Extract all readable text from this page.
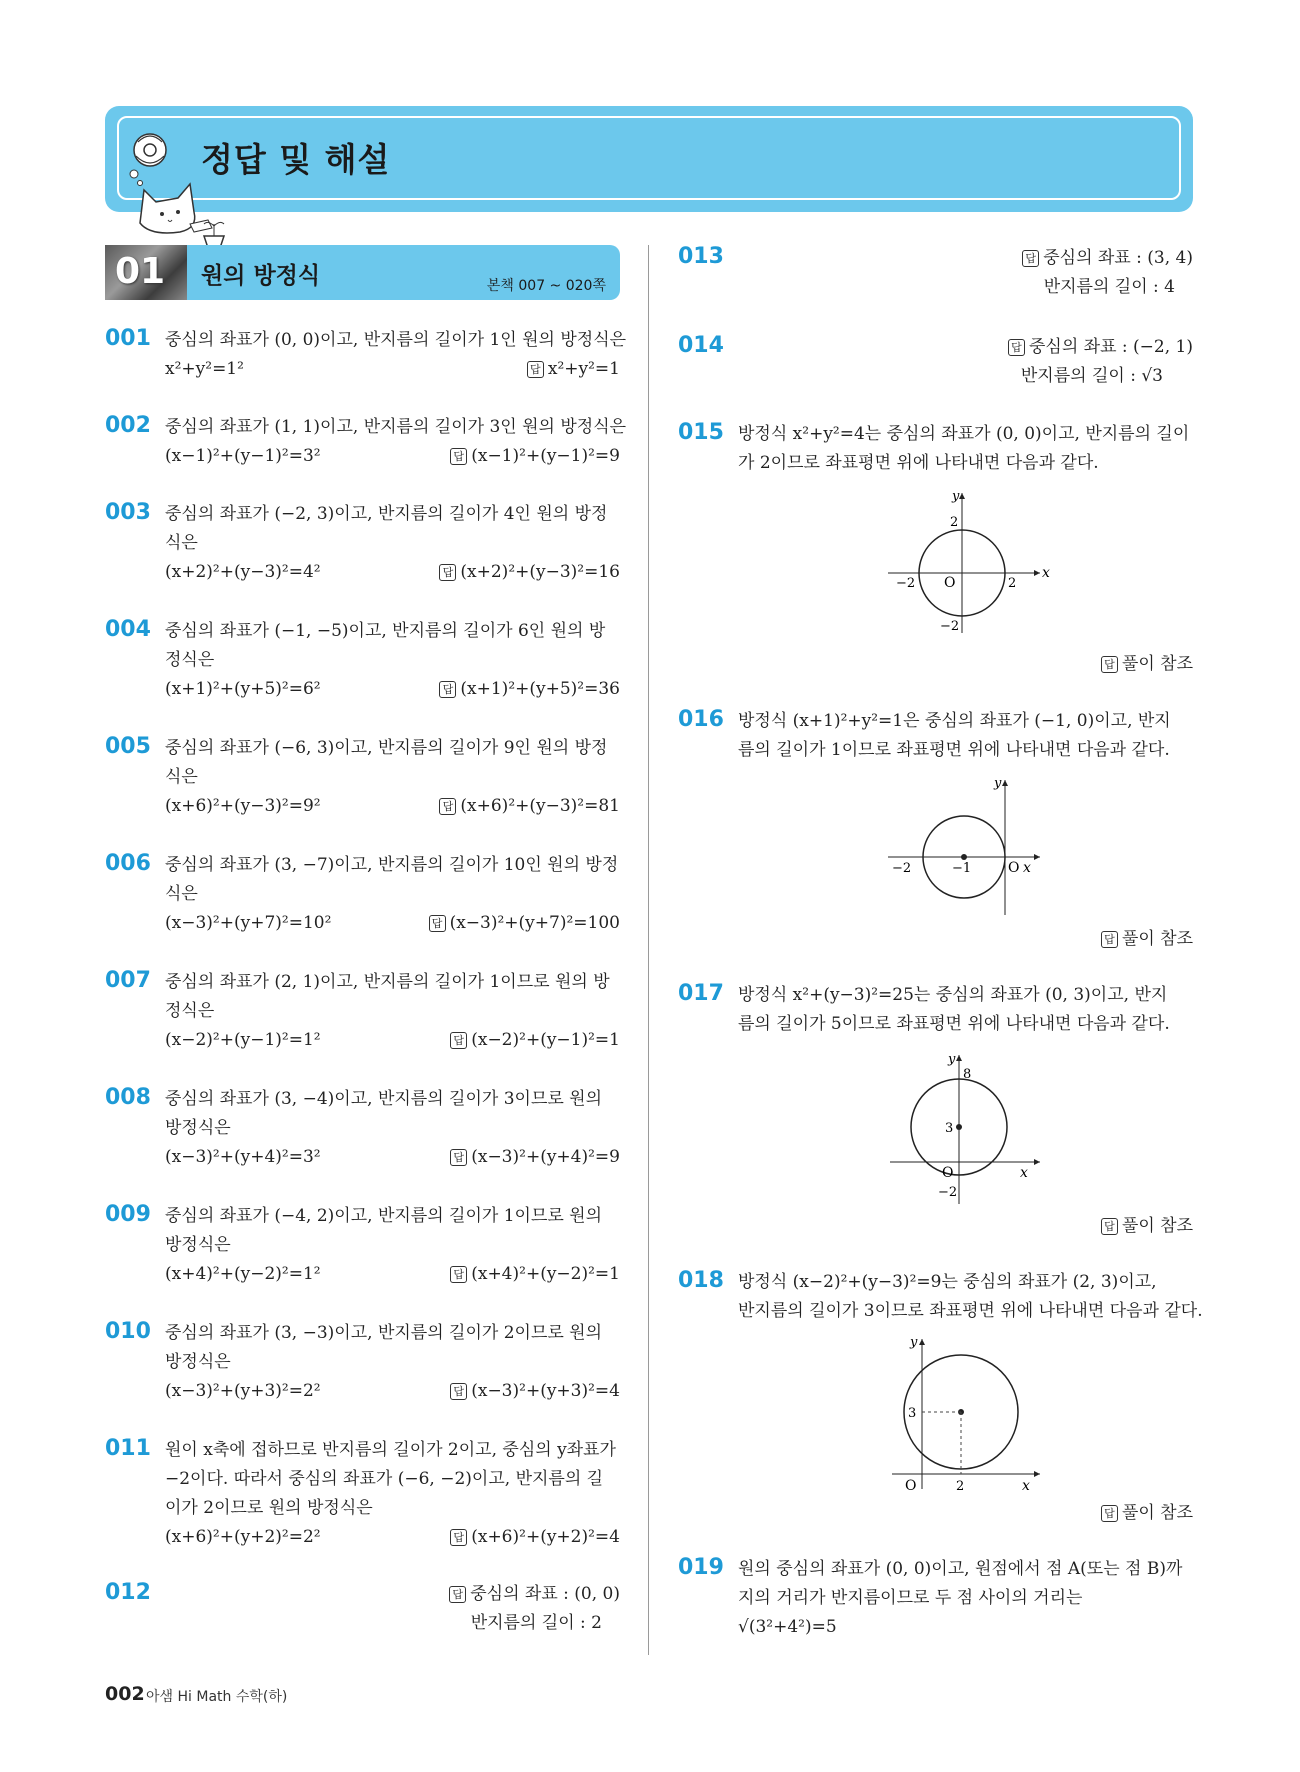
정답 및 해설
01 원의 방정식	본책 007 ~ 020쪽
001 중심의 좌표가 (0, 0)이고, 반지름의 길이가 1인 원의 방정식은
x²+y²=1²	답 x²+y²=1
002 중심의 좌표가 (1, 1)이고, 반지름의 길이가 3인 원의 방정식은
(x−1)²+(y−1)²=3²	답 (x−1)²+(y−1)²=9
003 중심의 좌표가 (−2, 3)이고, 반지름의 길이가 4인 원의 방정
식은
(x+2)²+(y−3)²=4²	답 (x+2)²+(y−3)²=16
004 중심의 좌표가 (−1, −5)이고, 반지름의 길이가 6인 원의 방
정식은
(x+1)²+(y+5)²=6²	답 (x+1)²+(y+5)²=36
005 중심의 좌표가 (−6, 3)이고, 반지름의 길이가 9인 원의 방정
식은
(x+6)²+(y−3)²=9²	답 (x+6)²+(y−3)²=81
006 중심의 좌표가 (3, −7)이고, 반지름의 길이가 10인 원의 방정
식은
(x−3)²+(y+7)²=10²	답 (x−3)²+(y+7)²=100
007 중심의 좌표가 (2, 1)이고, 반지름의 길이가 1이므로 원의 방
정식은
(x−2)²+(y−1)²=1²	답 (x−2)²+(y−1)²=1
008 중심의 좌표가 (3, −4)이고, 반지름의 길이가 3이므로 원의
방정식은
(x−3)²+(y+4)²=3²	답 (x−3)²+(y+4)²=9
009 중심의 좌표가 (−4, 2)이고, 반지름의 길이가 1이므로 원의
방정식은
(x+4)²+(y−2)²=1²	답 (x+4)²+(y−2)²=1
010 중심의 좌표가 (3, −3)이고, 반지름의 길이가 2이므로 원의
방정식은
(x−3)²+(y+3)²=2²	답 (x−3)²+(y+3)²=4
011 원이 x축에 접하므로 반지름의 길이가 2이고, 중심의 y좌표가
−2이다. 따라서 중심의 좌표가 (−6, −2)이고, 반지름의 길
이가 2이므로 원의 방정식은
(x+6)²+(y+2)²=2²	답 (x+6)²+(y+2)²=4
012	답 중심의 좌표 : (0, 0)
반지름의 길이 : 2
013	답 중심의 좌표 : (3, 4)
반지름의 길이 : 4
014	답 중심의 좌표 : (−2, 1)
반지름의 길이 : √3
015 방정식 x²+y²=4는 중심의 좌표가 (0, 0)이고, 반지름의 길이
가 2이므로 좌표평면 위에 나타내면 다음과 같다.
y
x
O
2
−2	2
−2
답 풀이 참조
016 방정식 (x+1)²+y²=1은 중심의 좌표가 (−1, 0)이고, 반지
름의 길이가 1이므로 좌표평면 위에 나타내면 다음과 같다.
y
x
O
−2	−1
답 풀이 참조
017 방정식 x²+(y−3)²=25는 중심의 좌표가 (0, 3)이고, 반지
름의 길이가 5이므로 좌표평면 위에 나타내면 다음과 같다.
y
x
O
8
3
−2
답 풀이 참조
018 방정식 (x−2)²+(y−3)²=9는 중심의 좌표가 (2, 3)이고,
반지름의 길이가 3이므로 좌표평면 위에 나타내면 다음과 같다.
y
x
O
3
2
답 풀이 참조
019 원의 중심의 좌표가 (0, 0)이고, 원점에서 점 A(또는 점 B)까
지의 거리가 반지름이므로 두 점 사이의 거리는
√(3²+4²)=5
002 아샘 Hi Math 수학(하)
